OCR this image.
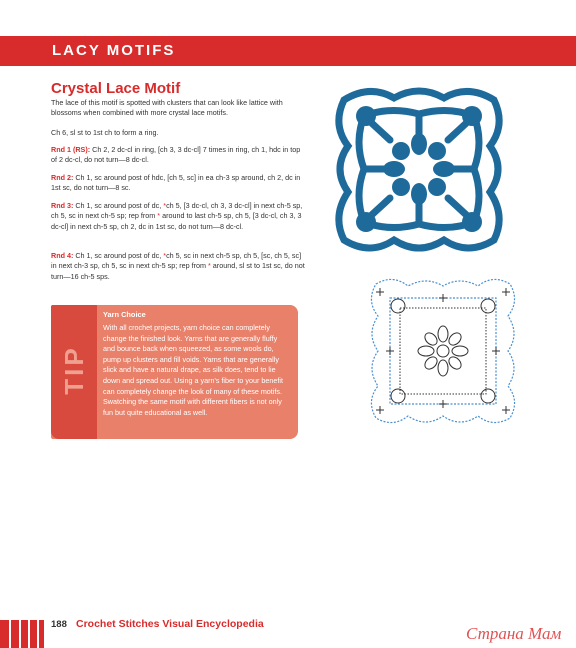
LACY MOTIFS
Crystal Lace Motif
The lace of this motif is spotted with clusters that can look like lattice with blossoms when combined with more crystal lace motifs.
Ch 6, sl st to 1st ch to form a ring.
Rnd 1 (RS): Ch 2, 2 dc-cl in ring, [ch 3, 3 dc-cl] 7 times in ring, ch 1, hdc in top of 2 dc-cl, do not turn—8 dc-cl.
Rnd 2: Ch 1, sc around post of hdc, [ch 5, sc] in ea ch-3 sp around, ch 2, dc in 1st sc, do not turn—8 sc.
Rnd 3: Ch 1, sc around post of dc, *ch 5, [3 dc-cl, ch 3, 3 dc-cl] in next ch-5 sp, ch 5, sc in next ch-5 sp; rep from * around to last ch-5 sp, ch 5, [3 dc-cl, ch 3, 3 dc-cl] in next ch-5 sp, ch 2, dc in 1st sc, do not turn—8 dc-cl.
Rnd 4: Ch 1, sc around post of dc, *ch 5, sc in next ch-5 sp, ch 5, [sc, ch 5, sc] in next ch-3 sp, ch 5, sc in next ch-5 sp; rep from * around, sl st to 1st sc, do not turn—16 ch-5 sps.
TIP
Yarn Choice
With all crochet projects, yarn choice can completely change the finished look. Yarns that are generally fluffy and bounce back when squeezed, as some wools do, pump up clusters and fill voids. Yarns that are generally slick and have a natural drape, as silk does, tend to lie down and spread out. Using a yarn's fiber to your benefit can completely change the look of many of these motifs. Swatching the same motif with different fibers is not only fun but quite educational as well.
188 Crochet Stitches Visual Encyclopedia	Страна Мам
